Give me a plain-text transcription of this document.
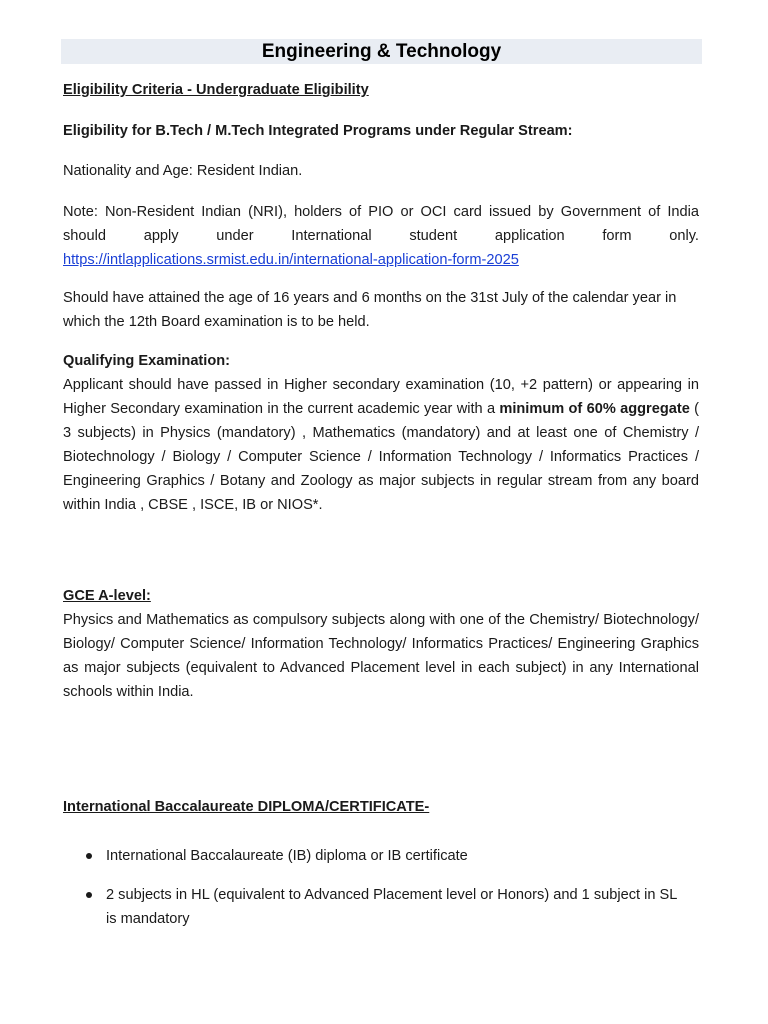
Engineering & Technology

Eligibility Criteria - Undergraduate Eligibility

Eligibility for B.Tech / M.Tech Integrated Programs under Regular Stream:

Nationality and Age: Resident Indian.

Note: Non-Resident Indian (NRI), holders of PIO or OCI card issued by Government of India
should apply under International student application form only.
https://intlapplications.srmist.edu.in/international-application-form-2025

Should have attained the age of 16 years and 6 months on the 31st July of the calendar year in which the 12th Board examination is to be held.

Qualifying Examination:

Applicant should have passed in Higher secondary examination (10, +2 pattern) or appearing in Higher Secondary examination in the current academic year with a minimum of 60% aggregate ( 3 subjects) in Physics (mandatory) , Mathematics (mandatory) and at least one of Chemistry / Biotechnology / Biology / Computer Science / Information Technology / Informatics Practices / Engineering Graphics / Botany and Zoology as major subjects in regular stream from any board within India , CBSE , ISCE, IB or NIOS*.

GCE A-level:

Physics and Mathematics as compulsory subjects along with one of the Chemistry/ Biotechnology/ Biology/ Computer Science/ Information Technology/ Informatics Practices/ Engineering Graphics as major subjects (equivalent to Advanced Placement level in each subject) in any International schools within India.

International Baccalaureate DIPLOMA/CERTIFICATE-

International Baccalaureate (IB) diploma or IB certificate
2 subjects in HL (equivalent to Advanced Placement level or Honors) and 1 subject in SL is mandatory
